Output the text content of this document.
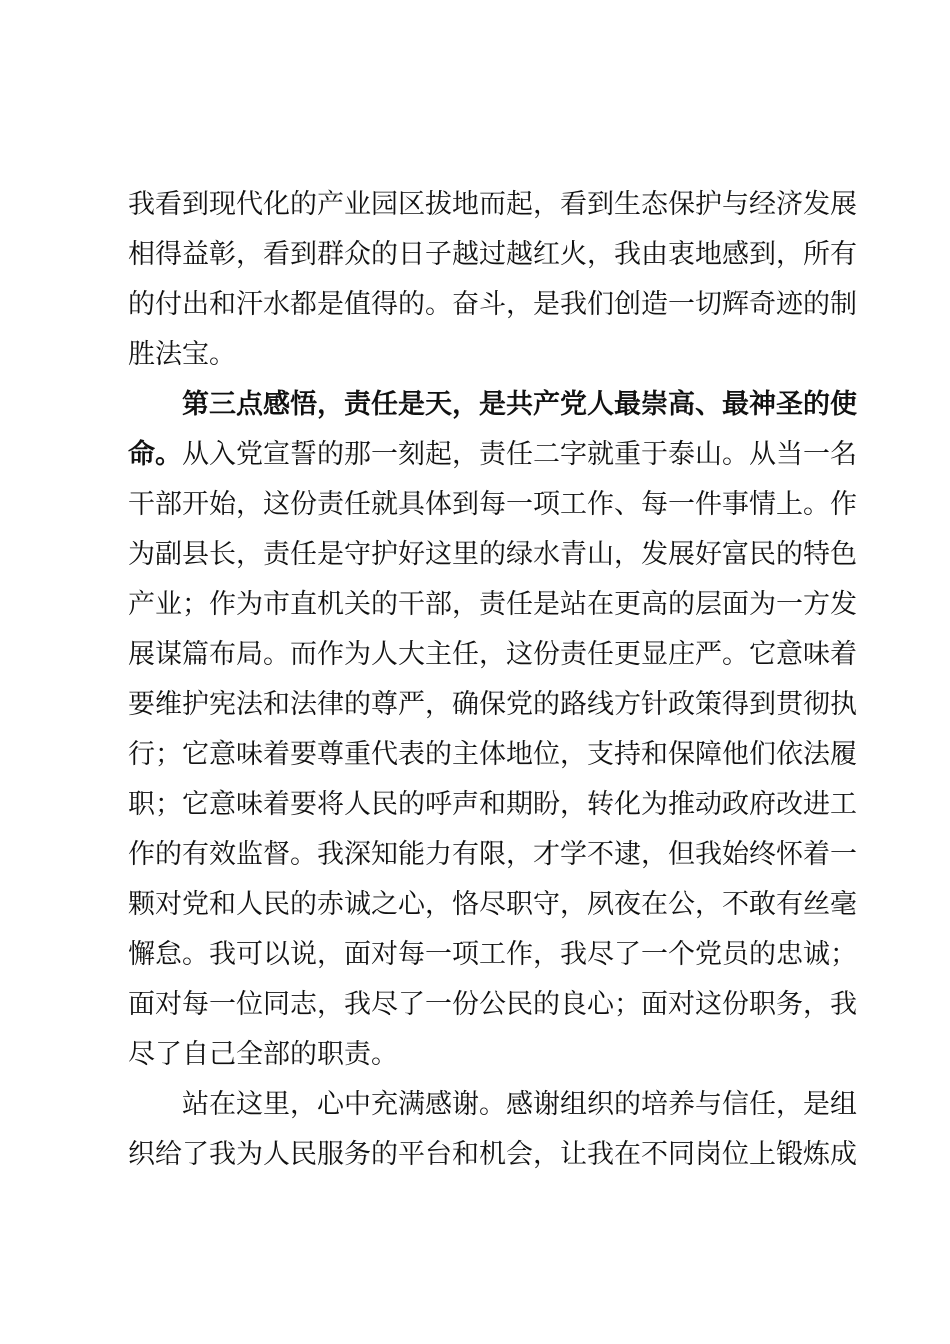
我看到现代化的产业园区拔地而起，看到生态保护与经济发展
相得益彰，看到群众的日子越过越红火，我由衷地感到，所有
的付出和汗水都是值得的。奋斗，是我们创造一切辉奇迹的制
胜法宝。
第三点感悟，责任是天，是共产党人最崇高、最神圣的使
命。从入党宣誓的那一刻起，责任二字就重于泰山。从当一名
干部开始，这份责任就具体到每一项工作、每一件事情上。作
为副县长，责任是守护好这里的绿水青山，发展好富民的特色
产业；作为市直机关的干部，责任是站在更高的层面为一方发
展谋篇布局。而作为人大主任，这份责任更显庄严。它意味着
要维护宪法和法律的尊严，确保党的路线方针政策得到贯彻执
行；它意味着要尊重代表的主体地位，支持和保障他们依法履
职；它意味着要将人民的呼声和期盼，转化为推动政府改进工
作的有效监督。我深知能力有限，才学不逮，但我始终怀着一
颗对党和人民的赤诚之心，恪尽职守，夙夜在公，不敢有丝毫
懈怠。我可以说，面对每一项工作，我尽了一个党员的忠诚；
面对每一位同志，我尽了一份公民的良心；面对这份职务，我
尽了自己全部的职责。
站在这里，心中充满感谢。感谢组织的培养与信任，是组
织给了我为人民服务的平台和机会，让我在不同岗位上锻炼成
